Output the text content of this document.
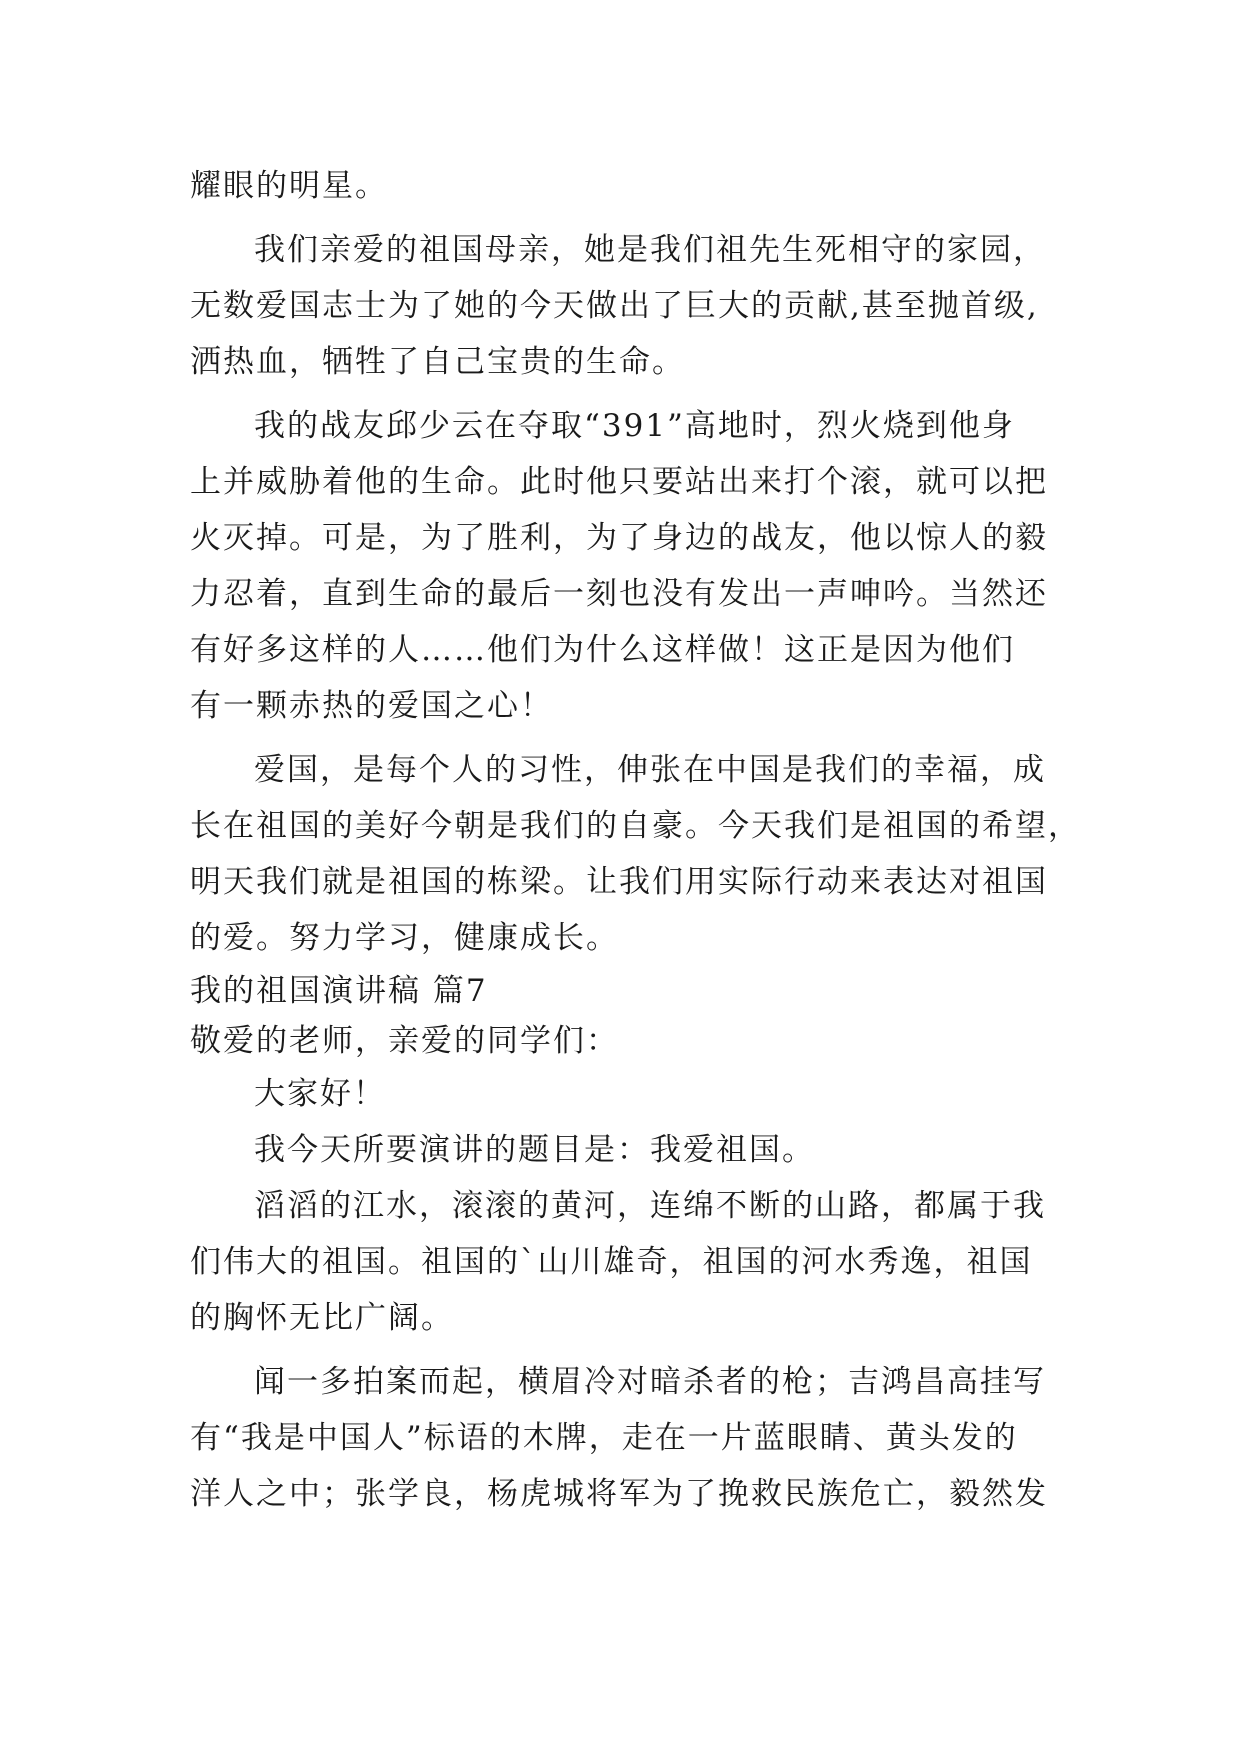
耀眼的明星。
我们亲爱的祖国母亲，她是我们祖先生死相守的家园，
无数爱国志士为了她的今天做出了巨大的贡献,甚至抛首级,
洒热血，牺牲了自己宝贵的生命。
我的战友邱少云在夺取“391”高地时，烈火烧到他身
上并威胁着他的生命。此时他只要站出来打个滚，就可以把
火灭掉。可是，为了胜利，为了身边的战友，他以惊人的毅
力忍着，直到生命的最后一刻也没有发出一声呻吟。当然还
有好多这样的人……他们为什么这样做！这正是因为他们
有一颗赤热的爱国之心！
爱国，是每个人的习性，伸张在中国是我们的幸福，成
长在祖国的美好今朝是我们的自豪。今天我们是祖国的希望，
明天我们就是祖国的栋梁。让我们用实际行动来表达对祖国
的爱。努力学习，健康成长。
我的祖国演讲稿 篇7
敬爱的老师，亲爱的同学们：
大家好！
我今天所要演讲的题目是：我爱祖国。
滔滔的江水，滚滚的黄河，连绵不断的山路，都属于我
们伟大的祖国。祖国的`山川雄奇，祖国的河水秀逸，祖国
的胸怀无比广阔。
闻一多拍案而起，横眉冷对暗杀者的枪；吉鸿昌高挂写
有“我是中国人”标语的木牌，走在一片蓝眼睛、黄头发的
洋人之中；张学良，杨虎城将军为了挽救民族危亡，毅然发
